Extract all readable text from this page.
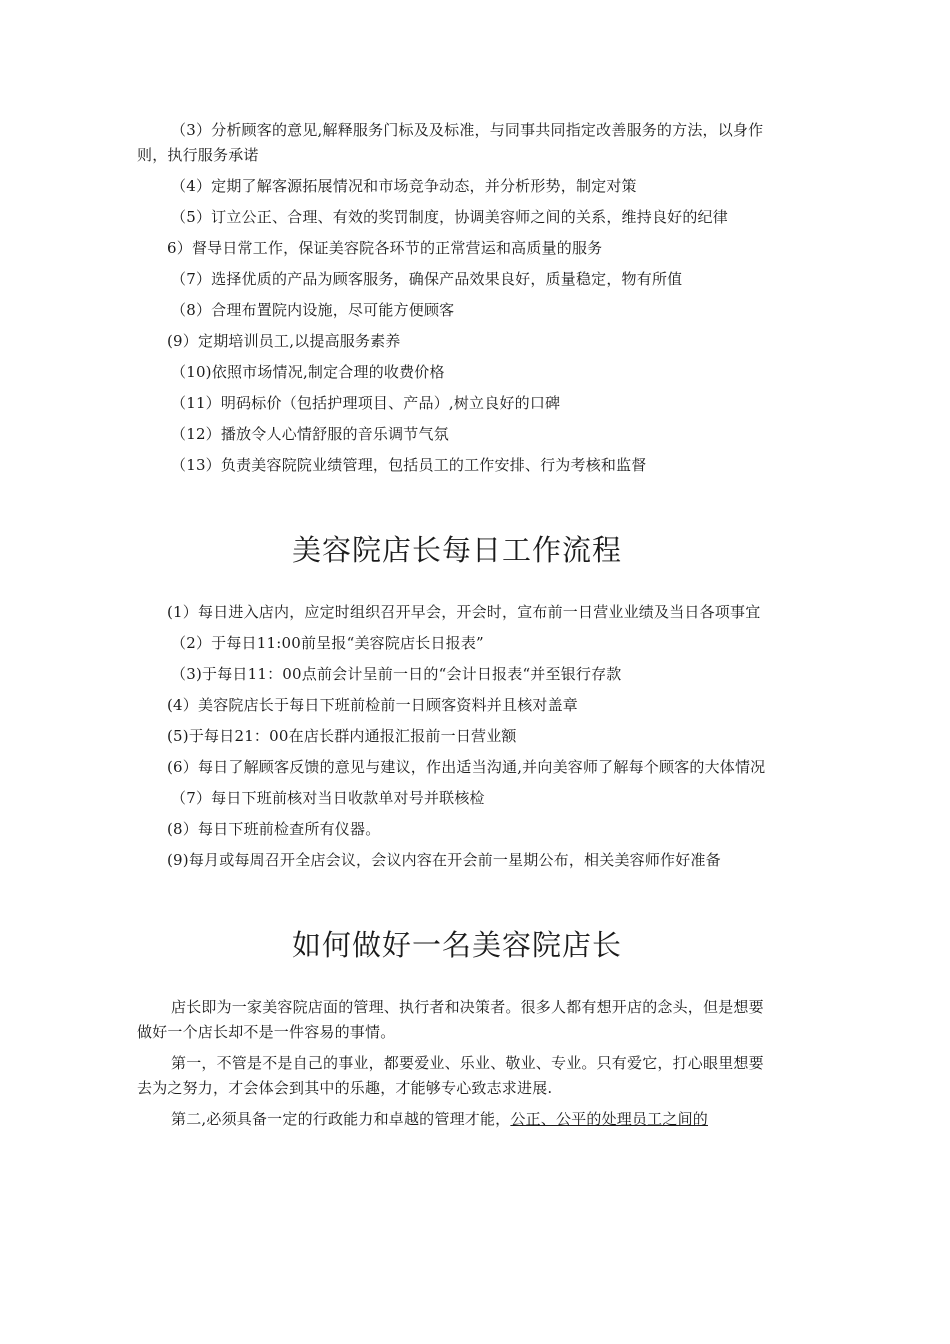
（3）分析顾客的意见,解释服务门标及及标准，与同事共同指定改善服务的方法，以身作则，执行服务承诺

（4）定期了解客源拓展情况和市场竞争动态，并分析形势，制定对策

（5）订立公正、合理、有效的奖罚制度，协调美容师之间的关系，维持良好的纪律

6）督导日常工作，保证美容院各环节的正常营运和高质量的服务

（7）选择优质的产品为顾客服务，确保产品效果良好，质量稳定，物有所值

（8）合理布置院内设施，尽可能方便顾客

(9）定期培训员工,以提高服务素养

（10)依照市场情况,制定合理的收费价格

（11）明码标价（包括护理项目、产品）,树立良好的口碑

（12）播放令人心情舒服的音乐调节气氛

（13）负责美容院院业绩管理，包括员工的工作安排、行为考核和监督

美容院店长每日工作流程

(1）每日进入店内，应定时组织召开早会，开会时，宣布前一日营业业绩及当日各项事宜

（2）于每日11:00前呈报“美容院店长日报表”

（3)于每日11：00点前会计呈前一日的“会计日报表“并至银行存款

(4）美容院店长于每日下班前检前一日顾客资料并且核对盖章

(5)于每日21：00在店长群内通报汇报前一日营业额

(6）每日了解顾客反馈的意见与建议，作出适当沟通,并向美容师了解每个顾客的大体情况

（7）每日下班前核对当日收款单对号并联核检

(8）每日下班前检查所有仪器。

(9)每月或每周召开全店会议，会议内容在开会前一星期公布，相关美容师作好准备

如何做好一名美容院店长

店长即为一家美容院店面的管理、执行者和决策者。很多人都有想开店的念头，但是想要做好一个店长却不是一件容易的事情。

第一，不管是不是自己的事业，都要爱业、乐业、敬业、专业。只有爱它，打心眼里想要去为之努力，才会体会到其中的乐趣，才能够专心致志求进展.

第二,必须具备一定的行政能力和卓越的管理才能，公正、公平的处理员工之间的
